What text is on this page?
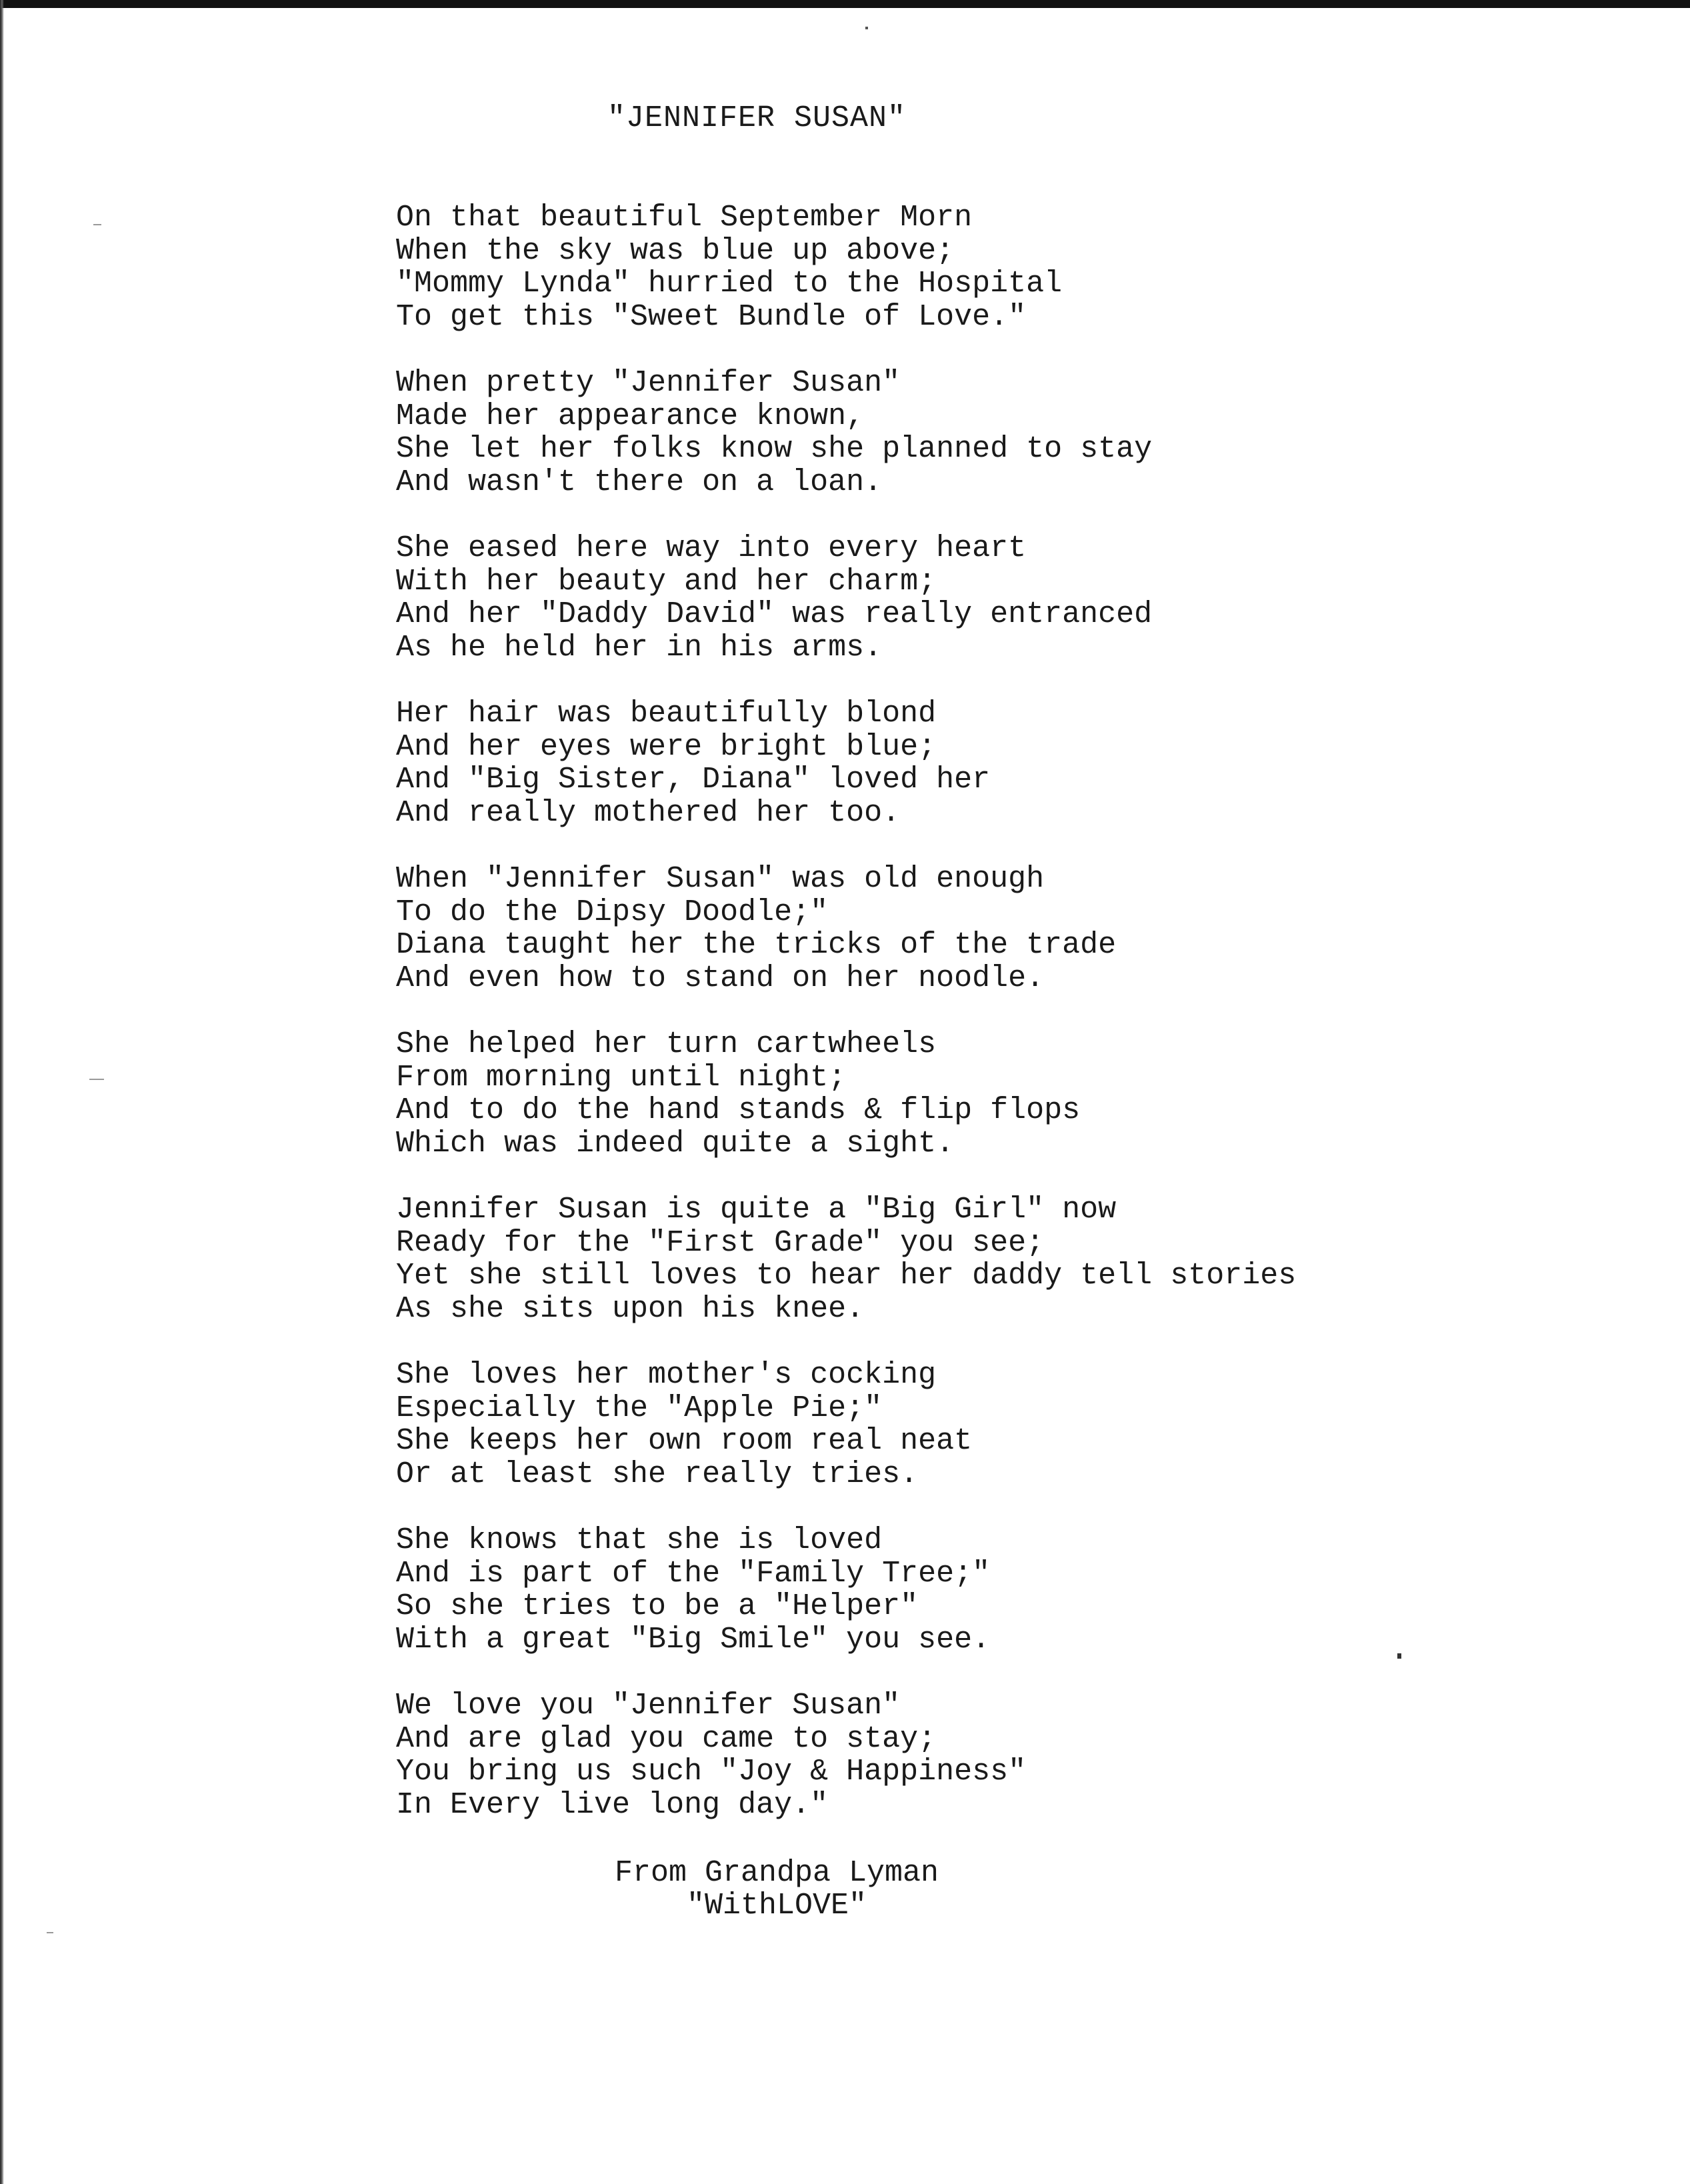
"JENNIFER SUSAN"
On that beautiful September Morn
When the sky was blue up above;
"Mommy Lynda" hurried to the Hospital
To get this "Sweet Bundle of Love."
When pretty "Jennifer Susan"
Made her appearance known,
She let her folks know she planned to stay
And wasn't there on a loan.
She eased here way into every heart
With her beauty and her charm;
And her "Daddy David" was really entranced
As he held her in his arms.
Her hair was beautifully blond
And her eyes were bright blue;
And "Big Sister, Diana" loved her
And really mothered her too.
When "Jennifer Susan" was old enough
To do the Dipsy Doodle;"
Diana taught her the tricks of the trade
And even how to stand on her noodle.
She helped her turn cartwheels
From morning until night;
And to do the hand stands & flip flops
Which was indeed quite a sight.
Jennifer Susan is quite a "Big Girl" now
Ready for the "First Grade" you see;
Yet she still loves to hear her daddy tell stories
As she sits upon his knee.
She loves her mother's cocking
Especially the "Apple Pie;"
She keeps her own room real neat
Or at least she really tries.
She knows that she is loved
And is part of the "Family Tree;"
So she tries to be a "Helper"
With a great "Big Smile" you see.
We love you "Jennifer Susan"
And are glad you came to stay;
You bring us such "Joy & Happiness"
In Every live long day."
From Grandpa Lyman
"WithLOVE"
